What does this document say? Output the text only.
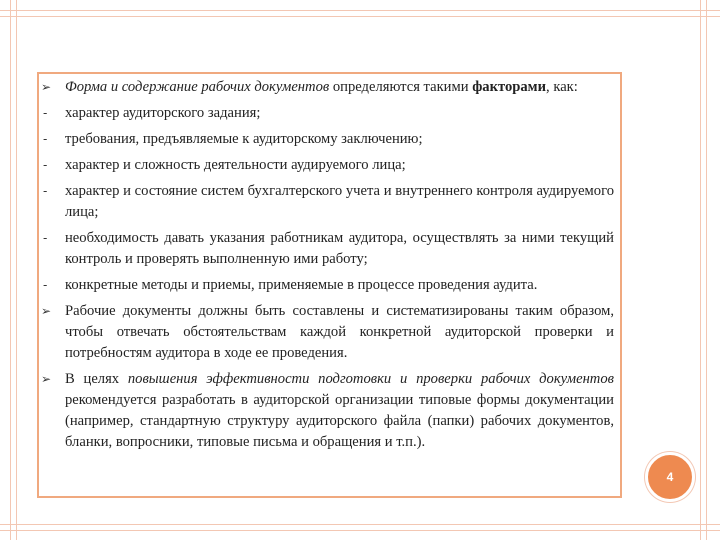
➢ Форма и содержание рабочих документов определяются такими факторами, как:
-	характер аудиторского задания;
-	требования, предъявляемые к аудиторскому заключению;
-	характер и сложность деятельности аудируемого лица;
-	характер и состояние систем бухгалтерского учета и внутреннего контроля аудируемого лица;
-	необходимость давать указания работникам аудитора, осуществлять за ними текущий контроль и проверять выполненную ими работу;
-	конкретные методы и приемы, применяемые в процессе проведения аудита.
➢ Рабочие документы должны быть составлены и систематизированы таким образом, чтобы отвечать обстоятельствам каждой конкретной аудиторской проверки и потребностям аудитора в ходе ее проведения.
➢ В целях повышения эффективности подготовки и проверки рабочих документов рекомендуется разработать в аудиторской организации типовые формы документации (например, стандартную структуру аудиторского файла (папки) рабочих документов, бланки, вопросники, типовые письма и обращения и т.п.).
4
